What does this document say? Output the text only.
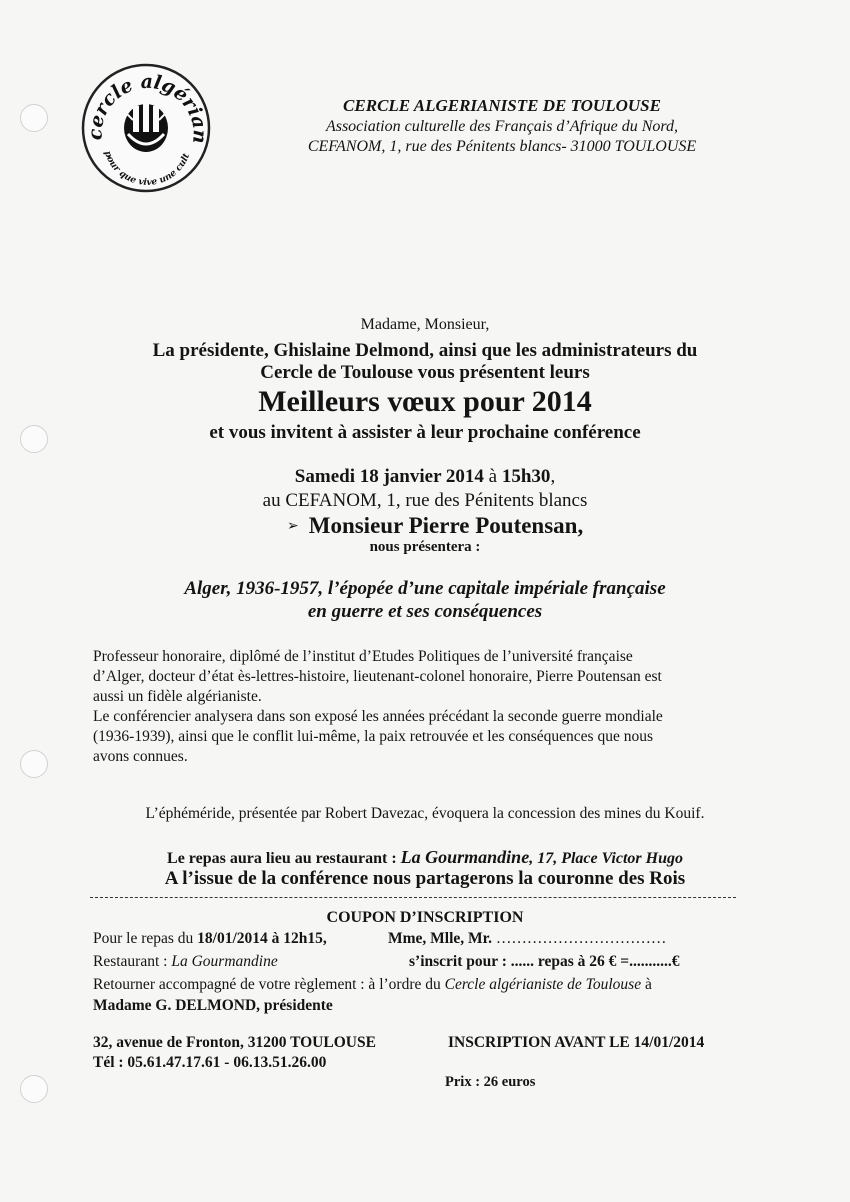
cercle algérian
pour que vive une cult
CERCLE ALGERIANISTE DE TOULOUSE
Association culturelle des Français d’Afrique du Nord,
CEFANOM, 1, rue des Pénitents blancs- 31000 TOULOUSE
Madame, Monsieur,
La présidente, Ghislaine Delmond, ainsi que les administrateurs du
Cercle de Toulouse vous présentent leurs
Meilleurs vœux pour 2014
et vous invitent à assister à leur prochaine conférence
Samedi 18 janvier 2014 à 15h30,
au CEFANOM, 1, rue des Pénitents blancs
➢ Monsieur Pierre Poutensan,
nous présentera :
Alger, 1936-1957, l’épopée d’une capitale impériale française
en guerre et ses conséquences
Professeur honoraire, diplômé de l’institut d’Etudes Politiques de l’université française
d’Alger, docteur d’état ès-lettres-histoire, lieutenant-colonel honoraire, Pierre Poutensan est
aussi un fidèle algérianiste.
Le conférencier analysera dans son exposé les années précédant la seconde guerre mondiale
(1936-1939), ainsi que le conflit lui-même, la paix retrouvée et les conséquences que nous
avons connues.
L’éphéméride, présentée par Robert Davezac, évoquera la concession des mines du Kouif.
Le repas aura lieu au restaurant : La Gourmandine, 17, Place Victor Hugo
A l’issue de la conférence nous partagerons la couronne des Rois
COUPON D’INSCRIPTION
Pour le repas du 18/01/2014 à 12h15,	Mme, Mlle, Mr. ……………………………
Restaurant : La Gourmandine	s’inscrit pour : ...... repas à 26 € =...........€
Retourner accompagné de votre règlement : à l’ordre du Cercle algérianiste de Toulouse à
Madame G. DELMOND, présidente
32, avenue de Fronton, 31200 TOULOUSE
Tél : 05.61.47.17.61 - 06.13.51.26.00
INSCRIPTION AVANT LE 14/01/2014
Prix : 26 euros
